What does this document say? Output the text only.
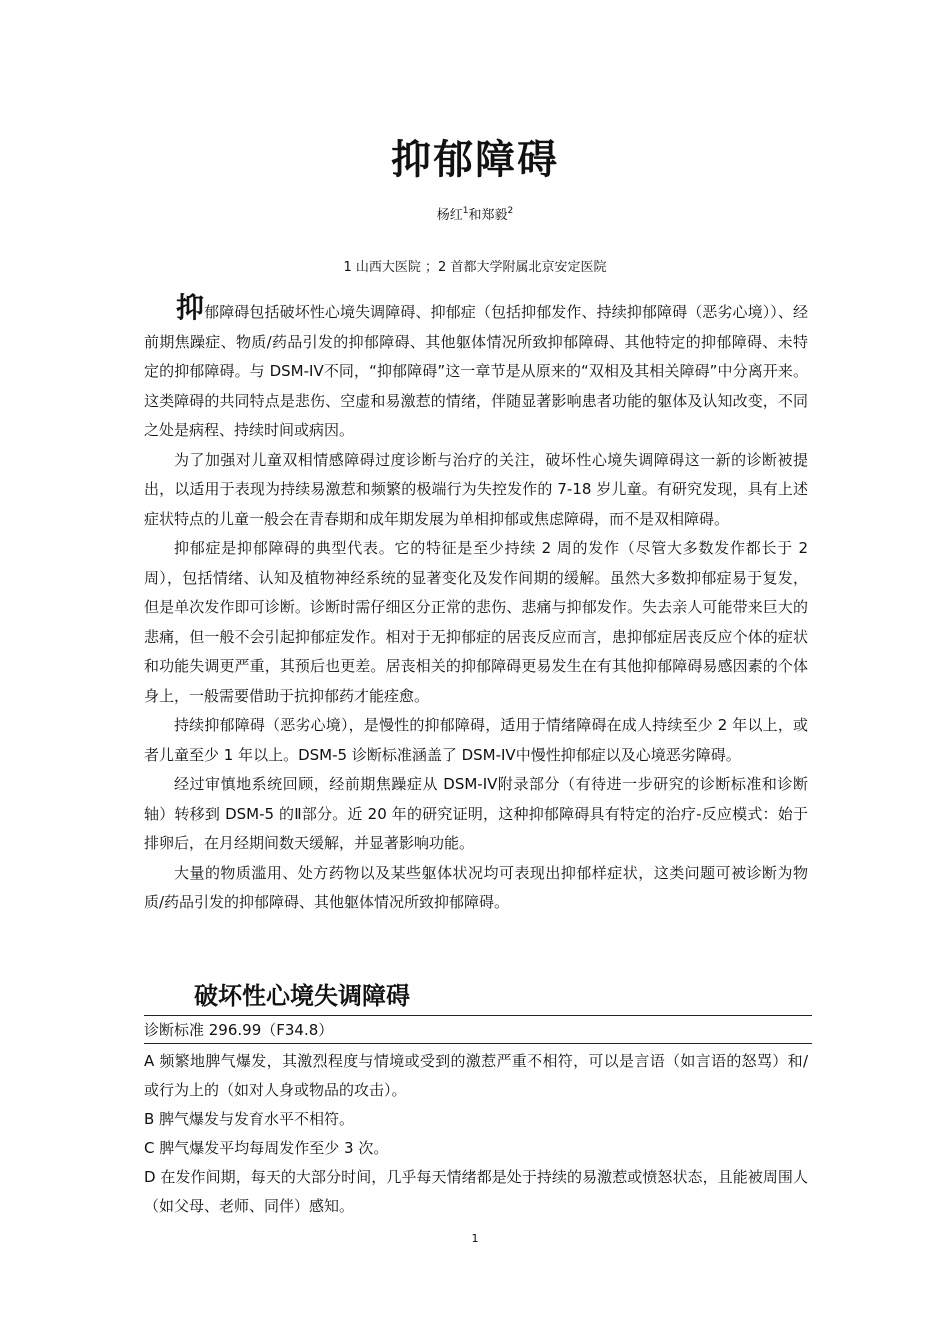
抑郁障碍
杨红$^1$和郑毅$^2$
1 山西大医院 ；2 首都大学附属北京安定医院

抑郁障碍包括破坏性心境失调障碍、抑郁症（包括抑郁发作、持续抑郁障碍（恶劣心境））、经前期焦躁症、物质/药品引发的抑郁障碍、其他躯体情况所致抑郁障碍、其他特定的抑郁障碍、未特定的抑郁障碍。与 DSM-IV不同，“抑郁障碍”这一章节是从原来的“双相及其相关障碍”中分离开来。这类障碍的共同特点是悲伤、空虚和易激惹的情绪，伴随显著影响患者功能的躯体及认知改变，不同之处是病程、持续时间或病因。

为了加强对儿童双相情感障碍过度诊断与治疗的关注，破坏性心境失调障碍这一新的诊断被提出，以适用于表现为持续易激惹和频繁的极端行为失控发作的 7-18 岁儿童。有研究发现，具有上述症状特点的儿童一般会在青春期和成年期发展为单相抑郁或焦虑障碍，而不是双相障碍。

抑郁症是抑郁障碍的典型代表。它的特征是至少持续 2 周的发作（尽管大多数发作都长于 2 周），包括情绪、认知及植物神经系统的显著变化及发作间期的缓解。虽然大多数抑郁症易于复发，但是单次发作即可诊断。诊断时需仔细区分正常的悲伤、悲痛与抑郁发作。失去亲人可能带来巨大的悲痛，但一般不会引起抑郁症发作。相对于无抑郁症的居丧反应而言，患抑郁症居丧反应个体的症状和功能失调更严重，其预后也更差。居丧相关的抑郁障碍更易发生在有其他抑郁障碍易感因素的个体身上，一般需要借助于抗抑郁药才能痊愈。

持续抑郁障碍（恶劣心境），是慢性的抑郁障碍，适用于情绪障碍在成人持续至少 2 年以上，或者儿童至少 1 年以上。DSM-5 诊断标准涵盖了 DSM-IV中慢性抑郁症以及心境恶劣障碍。

经过审慎地系统回顾，经前期焦躁症从 DSM-IV附录部分（有待进一步研究的诊断标准和诊断轴）转移到 DSM-5 的Ⅱ部分。近 20 年的研究证明，这种抑郁障碍具有特定的治疗-反应模式：始于排卵后，在月经期间数天缓解，并显著影响功能。

大量的物质滥用、处方药物以及某些躯体状况均可表现出抑郁样症状，这类问题可被诊断为物质/药品引发的抑郁障碍、其他躯体情况所致抑郁障碍。

破坏性心境失调障碍
诊断标准 296.99（F34.8）
A 频繁地脾气爆发，其激烈程度与情境或受到的激惹严重不相符，可以是言语（如言语的怒骂）和/或行为上的（如对人身或物品的攻击）。
B 脾气爆发与发育水平不相符。
C 脾气爆发平均每周发作至少 3 次。
D 在发作间期，每天的大部分时间，几乎每天情绪都是处于持续的易激惹或愤怒状态，且能被周围人（如父母、老师、同伴）感知。
1
